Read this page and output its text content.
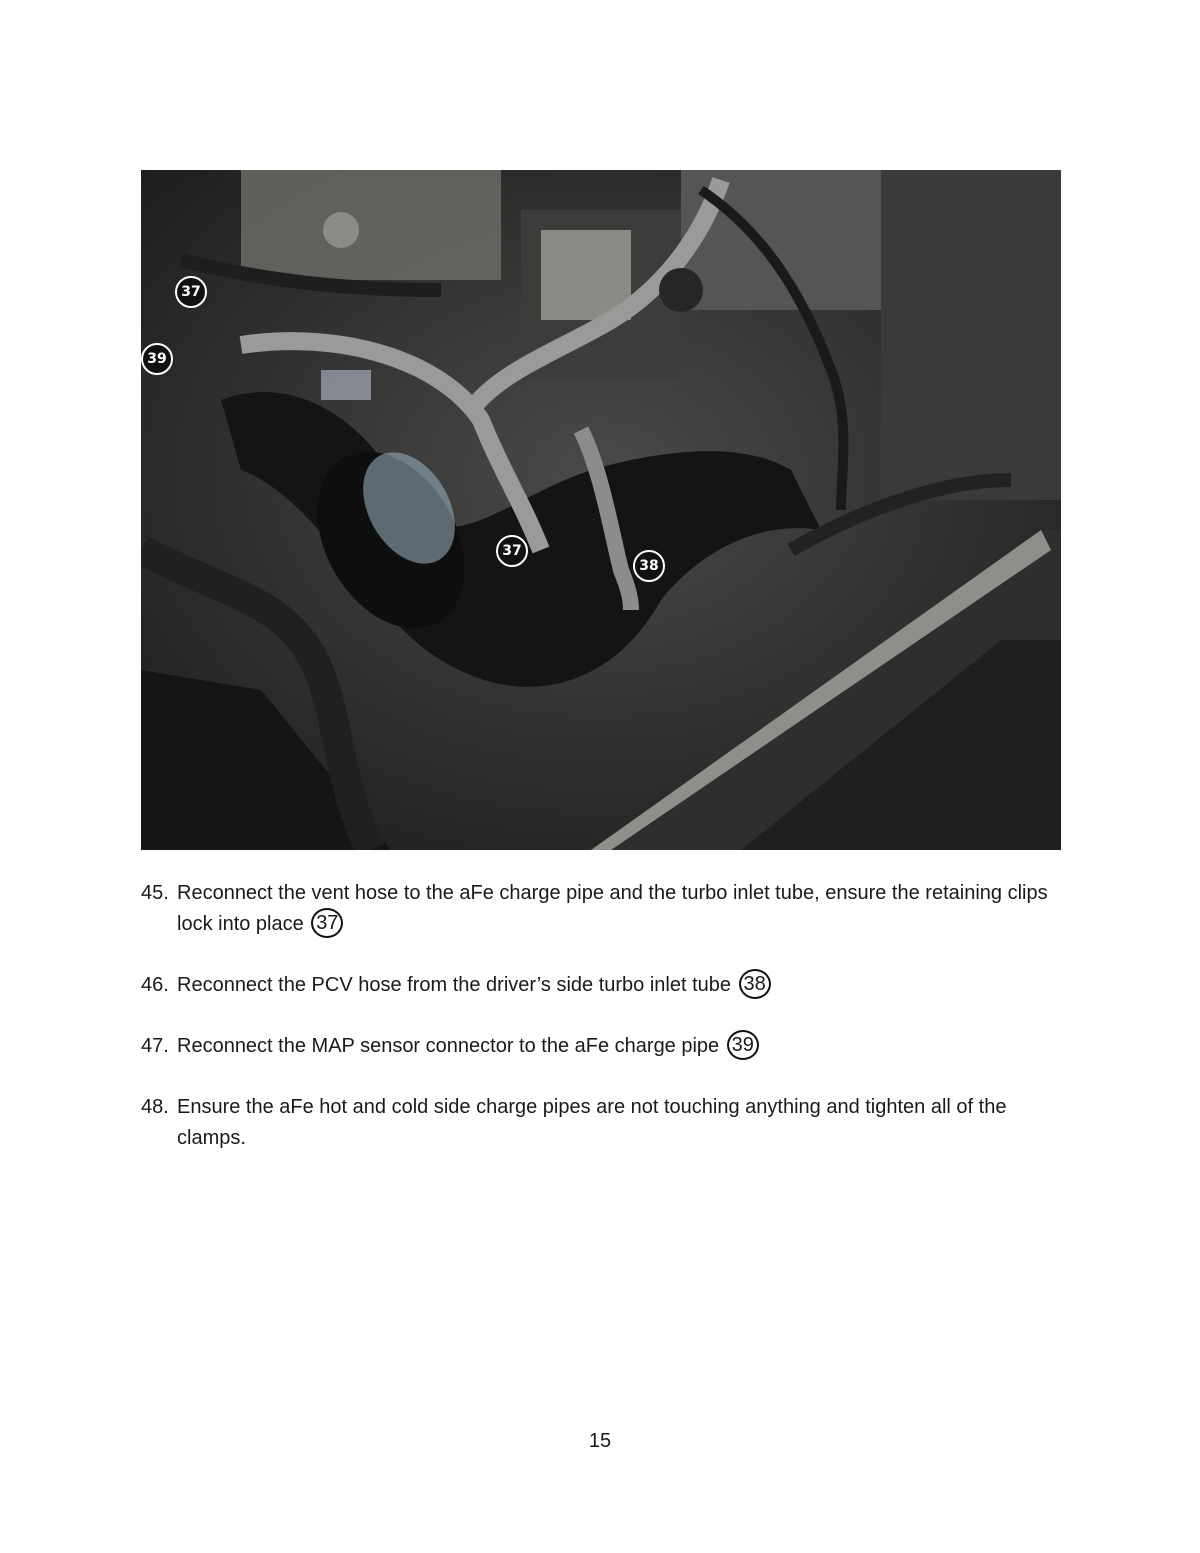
37
39
37
38
45. Reconnect the vent hose to the aFe charge pipe and the turbo inlet tube, ensure the retaining clips lock into place 37
46. Reconnect the PCV hose from the driver’s side turbo inlet tube 38
47. Reconnect the MAP sensor connector to the aFe charge pipe 39
48. Ensure the aFe hot and cold side charge pipes are not touching anything and tighten all of the clamps.
15
